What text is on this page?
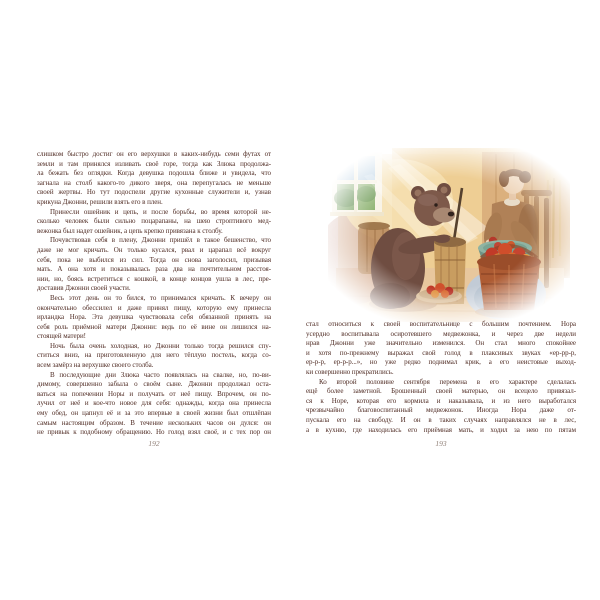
слишком быстро достиг он его верхушки в каких-нибудь семи футах от
земли и там принялся изливать своё горе, тогда как Злюка продолжа-
ла бежать без оглядки. Когда девушка подошла ближе и увидела, что
загнала на столб какого-то дикого зверя, она перепугалась не меньше
своей жертвы. Но тут подоспели другие кухонные служители и, узнав
крикуна Джонни, решили взять его в плен.
Принесли ошейник и цепь, и после борьбы, во время которой не-
сколько человек были сильно поцарапаны, на шею строптивого мед-
вежонка был надет ошейник, а цепь крепко привязана к столбу.
Почувствовав себя в плену, Джонни пришёл в такое бешенство, что
даже не мог кричать. Он только кусался, рвал и царапал всё вокруг
себя, пока не выбился из сил. Тогда он снова заголосил, призывая
мать. А она хотя и показывалась раза два на почтительном расстоя-
нии, но, боясь встретиться с кошкой, в конце концов ушла в лес, пре-
доставив Джонни своей участи.
Весь этот день он то бился, то принимался кричать. К вечеру он
окончательно обессилел и даже принял пищу, которую ему принесла
ирландка Нора. Эта девушка чувствовала себя обязанной принять на
себя роль приёмной матери Джонни: ведь по её вине он лишился на-
стоящей матери!
Ночь была очень холодная, но Джонни только тогда решился спу-
ститься вниз, на приготовленную для него тёплую постель, когда со-
всем замёрз на верхушке своего столба.
В последующие дни Злюка часто появлялась на свалке, но, по-ви-
димому, совершенно забыла о своём сыне. Джонни продолжал оста-
ваться на попечении Норы и получать от неё пищу. Впрочем, он по-
лучил от неё и кое-что новое для себя: однажды, когда она принесла
ему обед, он цапнул её и за это впервые в своей жизни был отшлёпан
самым настоящим образом. В течение нескольких часов он дулся: он
не привык к подобному обращению. Но голод взял своё, и с тех пор он
192
стал относиться к своей воспитательнице с большим почтением. Нора
усердно воспитывала осиротевшего медвежонка, и через две недели
нрав Джонни уже значительно изменился. Он стал много спокойнее
и хотя по-прежнему выражал свой голод в плаксивых звуках «ер-рр-р,
ер-р-р, ер-р-р...», но уже редко поднимал крик, а его неистовые выход-
ки совершенно прекратились.
Ко второй половине сентября перемена в его характере сделалась
ещё более заметной. Брошенный своей матерью, он всецело привязал-
ся к Норе, которая его кормила и наказывала, и из него выработался
чрезвычайно благовоспитанный медвежонок. Иногда Нора даже от-
пускала его на свободу. И он в таких случаях направлялся не в лес,
а в кухню, где находилась его приёмная мать, и ходил за нею по пятам
193
